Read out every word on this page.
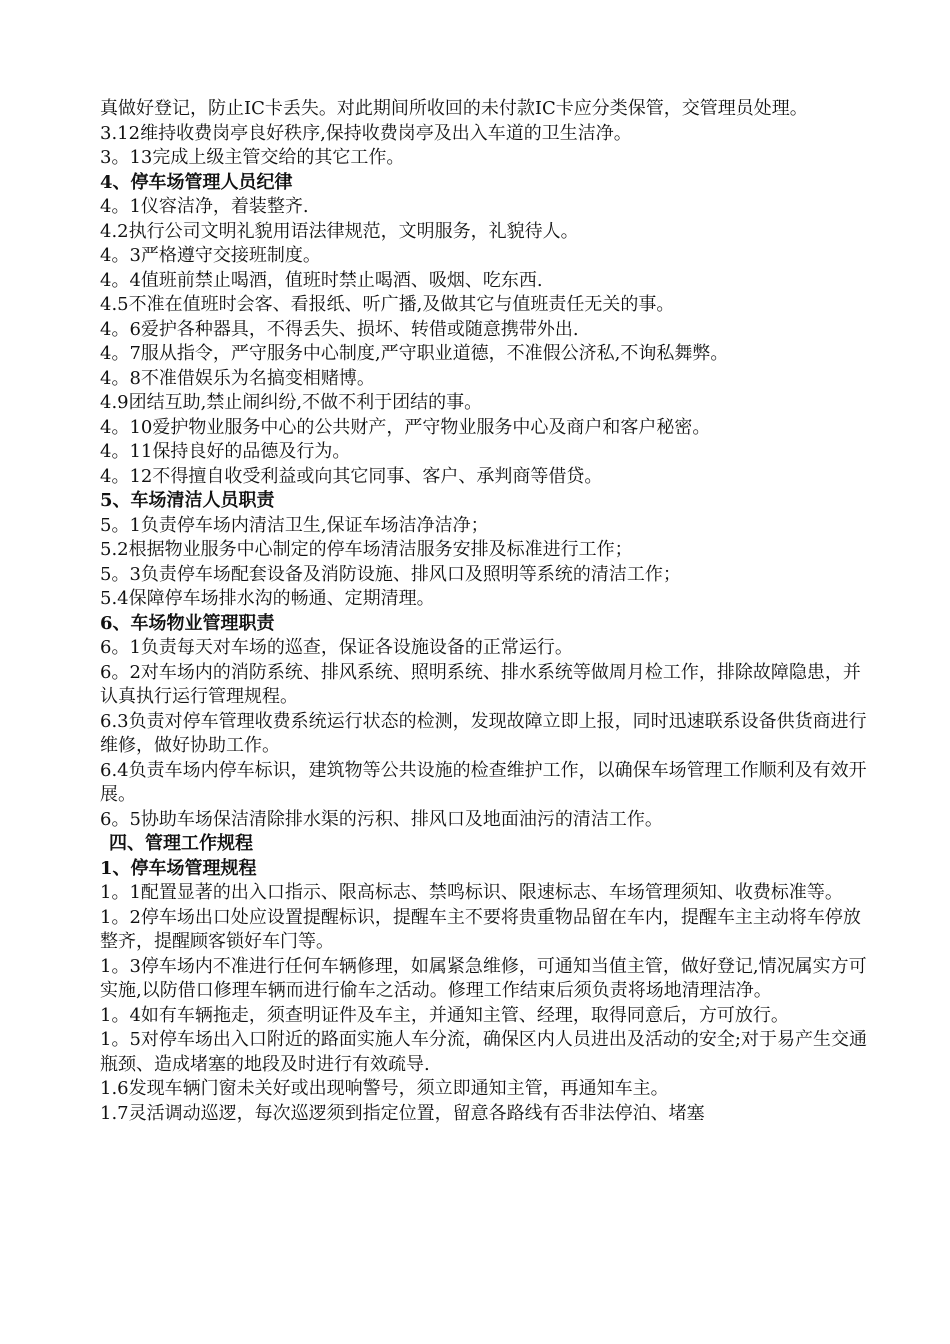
真做好登记，防止IC卡丢失。对此期间所收回的未付款IC卡应分类保管，交管理员处理。

3.12维持收费岗亭良好秩序,保持收费岗亭及出入车道的卫生洁净。

3。13完成上级主管交给的其它工作。

4、停车场管理人员纪律

4。1仪容洁净，着装整齐.

4.2执行公司文明礼貌用语法律规范，文明服务，礼貌待人。

4。3严格遵守交接班制度。

4。4值班前禁止喝酒，值班时禁止喝酒、吸烟、吃东西.

4.5不准在值班时会客、看报纸、听广播,及做其它与值班责任无关的事。

4。6爱护各种器具，不得丢失、损坏、转借或随意携带外出.

4。7服从指令，严守服务中心制度,严守职业道德，不准假公济私,不询私舞弊。

4。8不准借娱乐为名搞变相赌博。

4.9团结互助,禁止闹纠纷,不做不利于团结的事。

4。10爱护物业服务中心的公共财产，严守物业服务中心及商户和客户秘密。

4。11保持良好的品德及行为。

4。12不得擅自收受利益或向其它同事、客户、承判商等借贷。

5、车场清洁人员职责

5。1负责停车场内清洁卫生,保证车场洁净洁净；

5.2根据物业服务中心制定的停车场清洁服务安排及标准进行工作；

5。3负责停车场配套设备及消防设施、排风口及照明等系统的清洁工作；

5.4保障停车场排水沟的畅通、定期清理。

6、车场物业管理职责

6。1负责每天对车场的巡查，保证各设施设备的正常运行。

6。2对车场内的消防系统、排风系统、照明系统、排水系统等做周月检工作，排除故障隐患，并认真执行运行管理规程。

6.3负责对停车管理收费系统运行状态的检测，发现故障立即上报，同时迅速联系设备供货商进行维修，做好协助工作。

6.4负责车场内停车标识，建筑物等公共设施的检查维护工作，以确保车场管理工作顺利及有效开展。

6。5协助车场保洁清除排水渠的污积、排风口及地面油污的清洁工作。

四、管理工作规程

1、停车场管理规程

1。1配置显著的出入口指示、限高标志、禁鸣标识、限速标志、车场管理须知、收费标准等。

1。2停车场出口处应设置提醒标识，提醒车主不要将贵重物品留在车内，提醒车主主动将车停放整齐，提醒顾客锁好车门等。

1。3停车场内不准进行任何车辆修理，如属紧急维修，可通知当值主管，做好登记,情况属实方可实施,以防借口修理车辆而进行偷车之活动。修理工作结束后须负责将场地清理洁净。

1。4如有车辆拖走，须查明证件及车主，并通知主管、经理，取得同意后，方可放行。

1。5对停车场出入口附近的路面实施人车分流，确保区内人员进出及活动的安全;对于易产生交通瓶颈、造成堵塞的地段及时进行有效疏导.

1.6发现车辆门窗未关好或出现响警号，须立即通知主管，再通知车主。

1.7灵活调动巡逻，每次巡逻须到指定位置，留意各路线有否非法停泊、堵塞
